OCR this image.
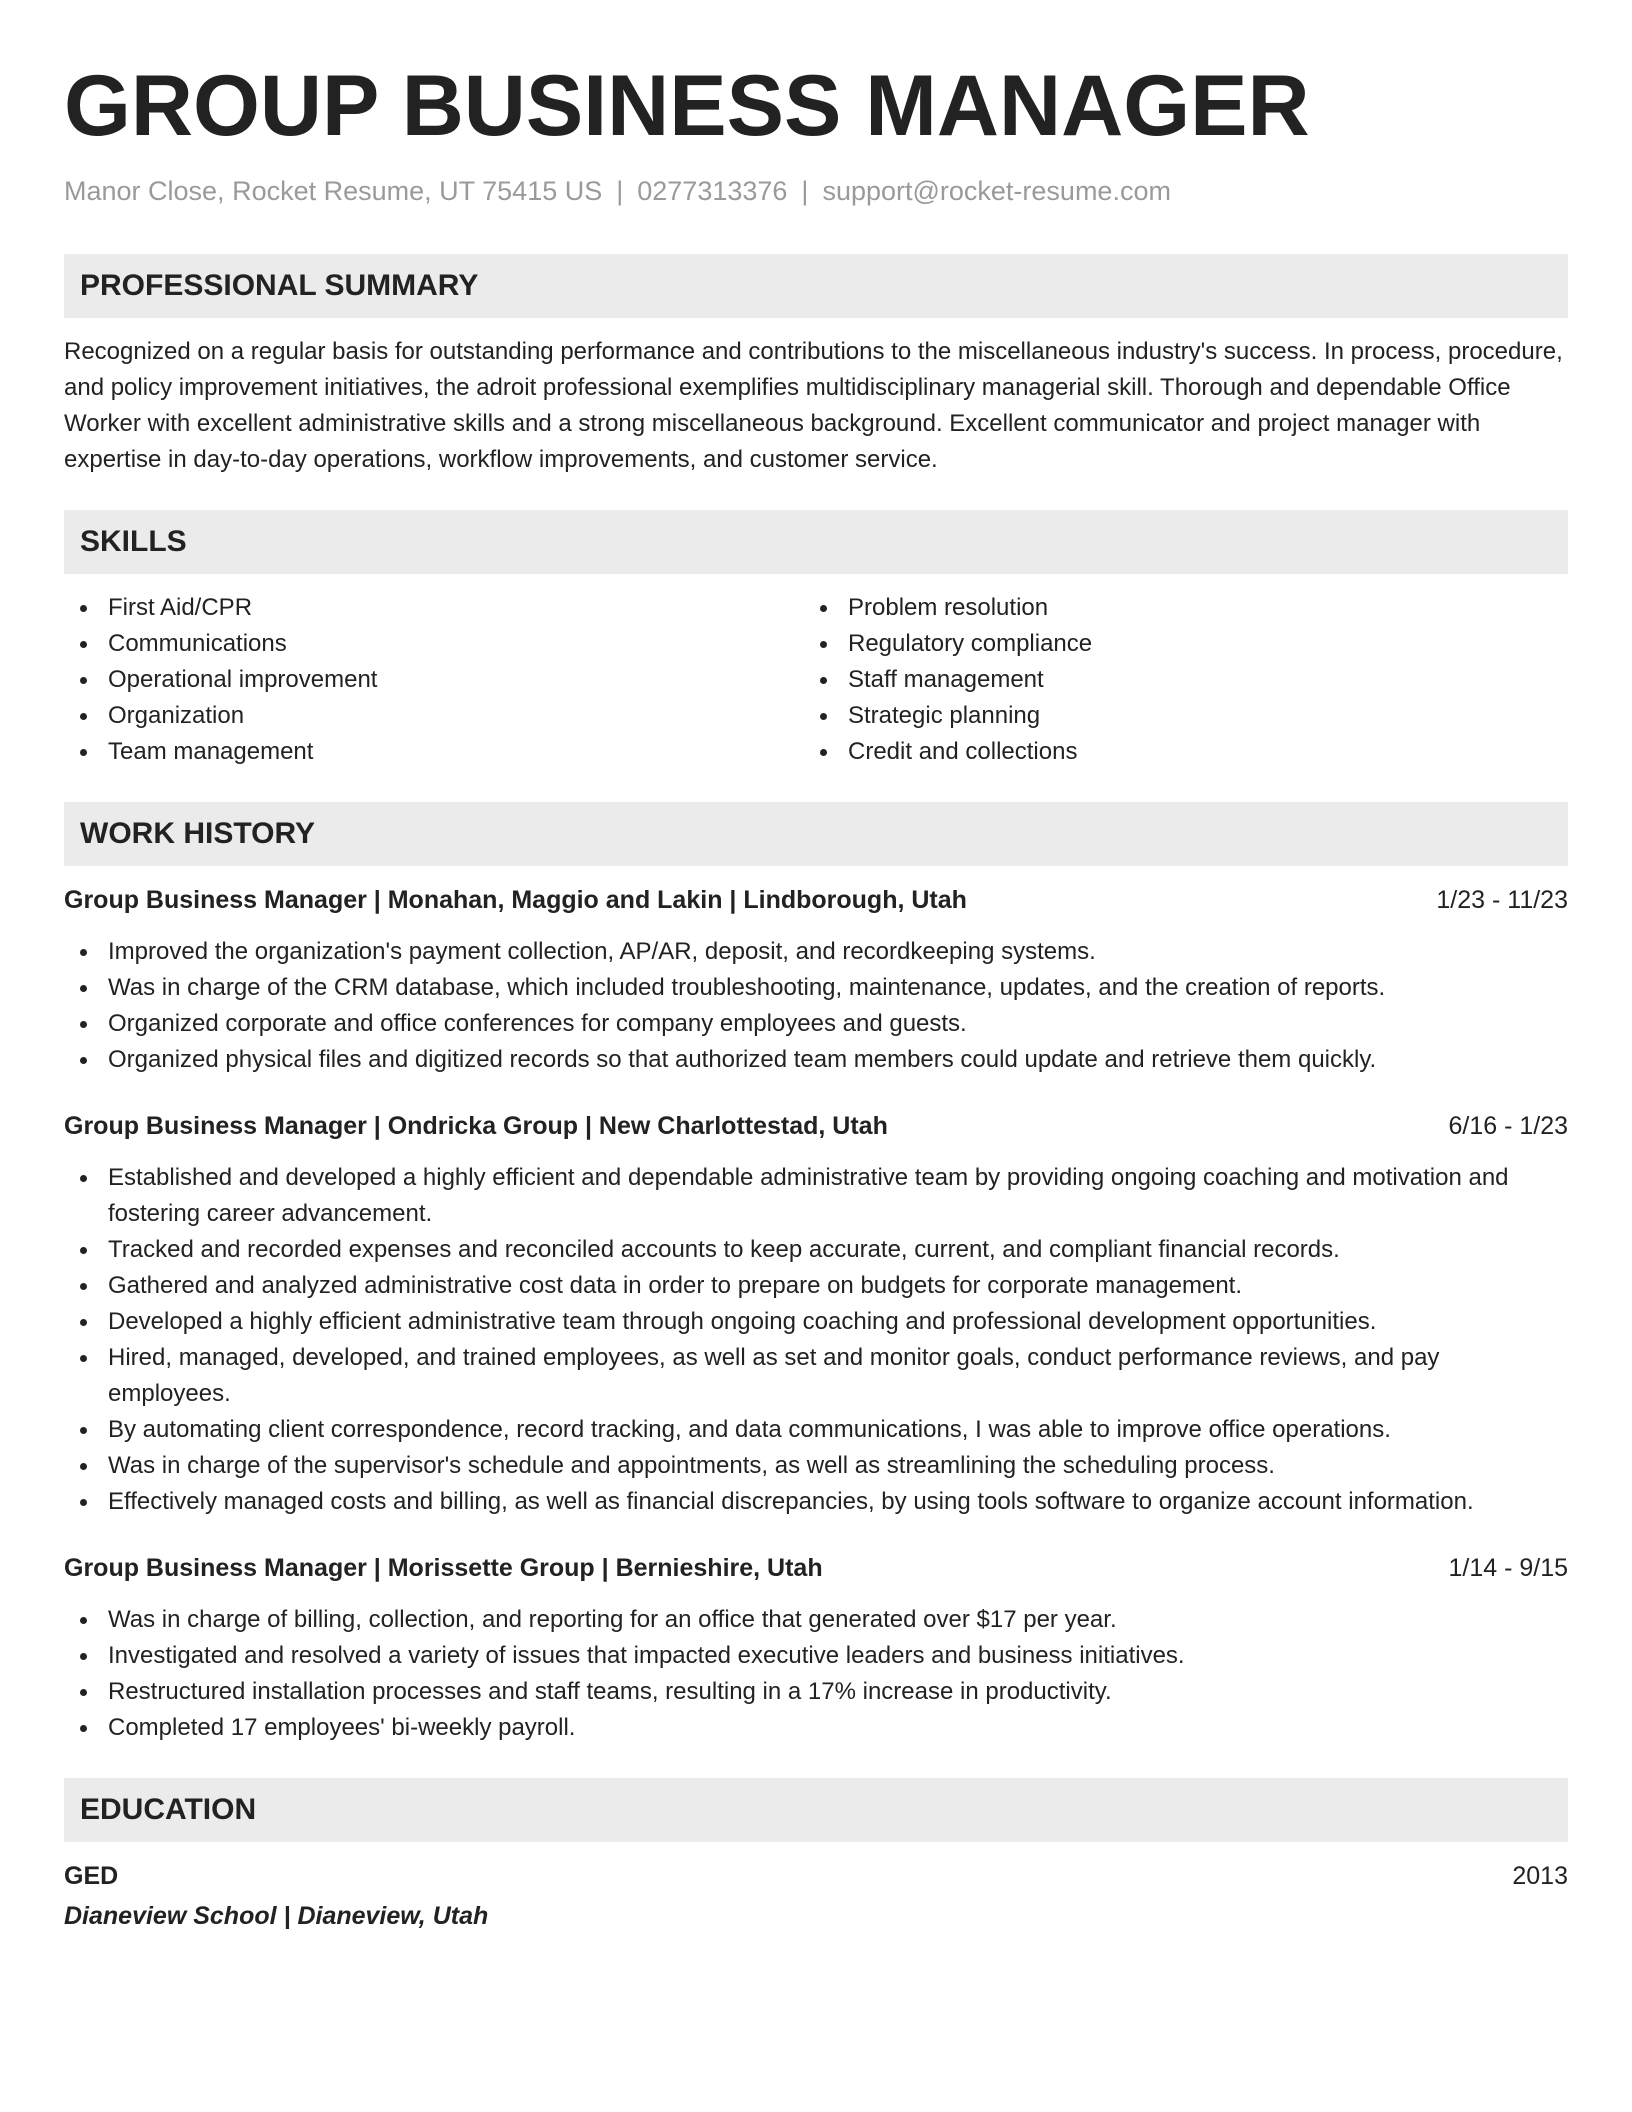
GROUP BUSINESS MANAGER
Manor Close, Rocket Resume, UT 75415 US | 0277313376 | support@rocket-resume.com
PROFESSIONAL SUMMARY

Recognized on a regular basis for outstanding performance and contributions to the miscellaneous industry's success. In process, procedure, and policy improvement initiatives, the adroit professional exemplifies multidisciplinary managerial skill. Thorough and dependable Office Worker with excellent administrative skills and a strong miscellaneous background. Excellent communicator and project manager with expertise in day-to-day operations, workflow improvements, and customer service.

SKILLS
First Aid/CPR
Communications
Operational improvement
Organization
Team management
Problem resolution
Regulatory compliance
Staff management
Strategic planning
Credit and collections
WORK HISTORY
Group Business Manager | Monahan, Maggio and Lakin | Lindborough, Utah	1/23 - 11/23
Improved the organization's payment collection, AP/AR, deposit, and recordkeeping systems.
Was in charge of the CRM database, which included troubleshooting, maintenance, updates, and the creation of reports.
Organized corporate and office conferences for company employees and guests.
Organized physical files and digitized records so that authorized team members could update and retrieve them quickly.
Group Business Manager | Ondricka Group | New Charlottestad, Utah	6/16 - 1/23
Established and developed a highly efficient and dependable administrative team by providing ongoing coaching and motivation and fostering career advancement.
Tracked and recorded expenses and reconciled accounts to keep accurate, current, and compliant financial records.
Gathered and analyzed administrative cost data in order to prepare on budgets for corporate management.
Developed a highly efficient administrative team through ongoing coaching and professional development opportunities.
Hired, managed, developed, and trained employees, as well as set and monitor goals, conduct performance reviews, and pay employees.
By automating client correspondence, record tracking, and data communications, I was able to improve office operations.
Was in charge of the supervisor's schedule and appointments, as well as streamlining the scheduling process.
Effectively managed costs and billing, as well as financial discrepancies, by using tools software to organize account information.
Group Business Manager | Morissette Group | Bernieshire, Utah	1/14 - 9/15
Was in charge of billing, collection, and reporting for an office that generated over $17 per year.
Investigated and resolved a variety of issues that impacted executive leaders and business initiatives.
Restructured installation processes and staff teams, resulting in a 17% increase in productivity.
Completed 17 employees' bi-weekly payroll.
EDUCATION
GED	2013
Dianeview School | Dianeview, Utah
